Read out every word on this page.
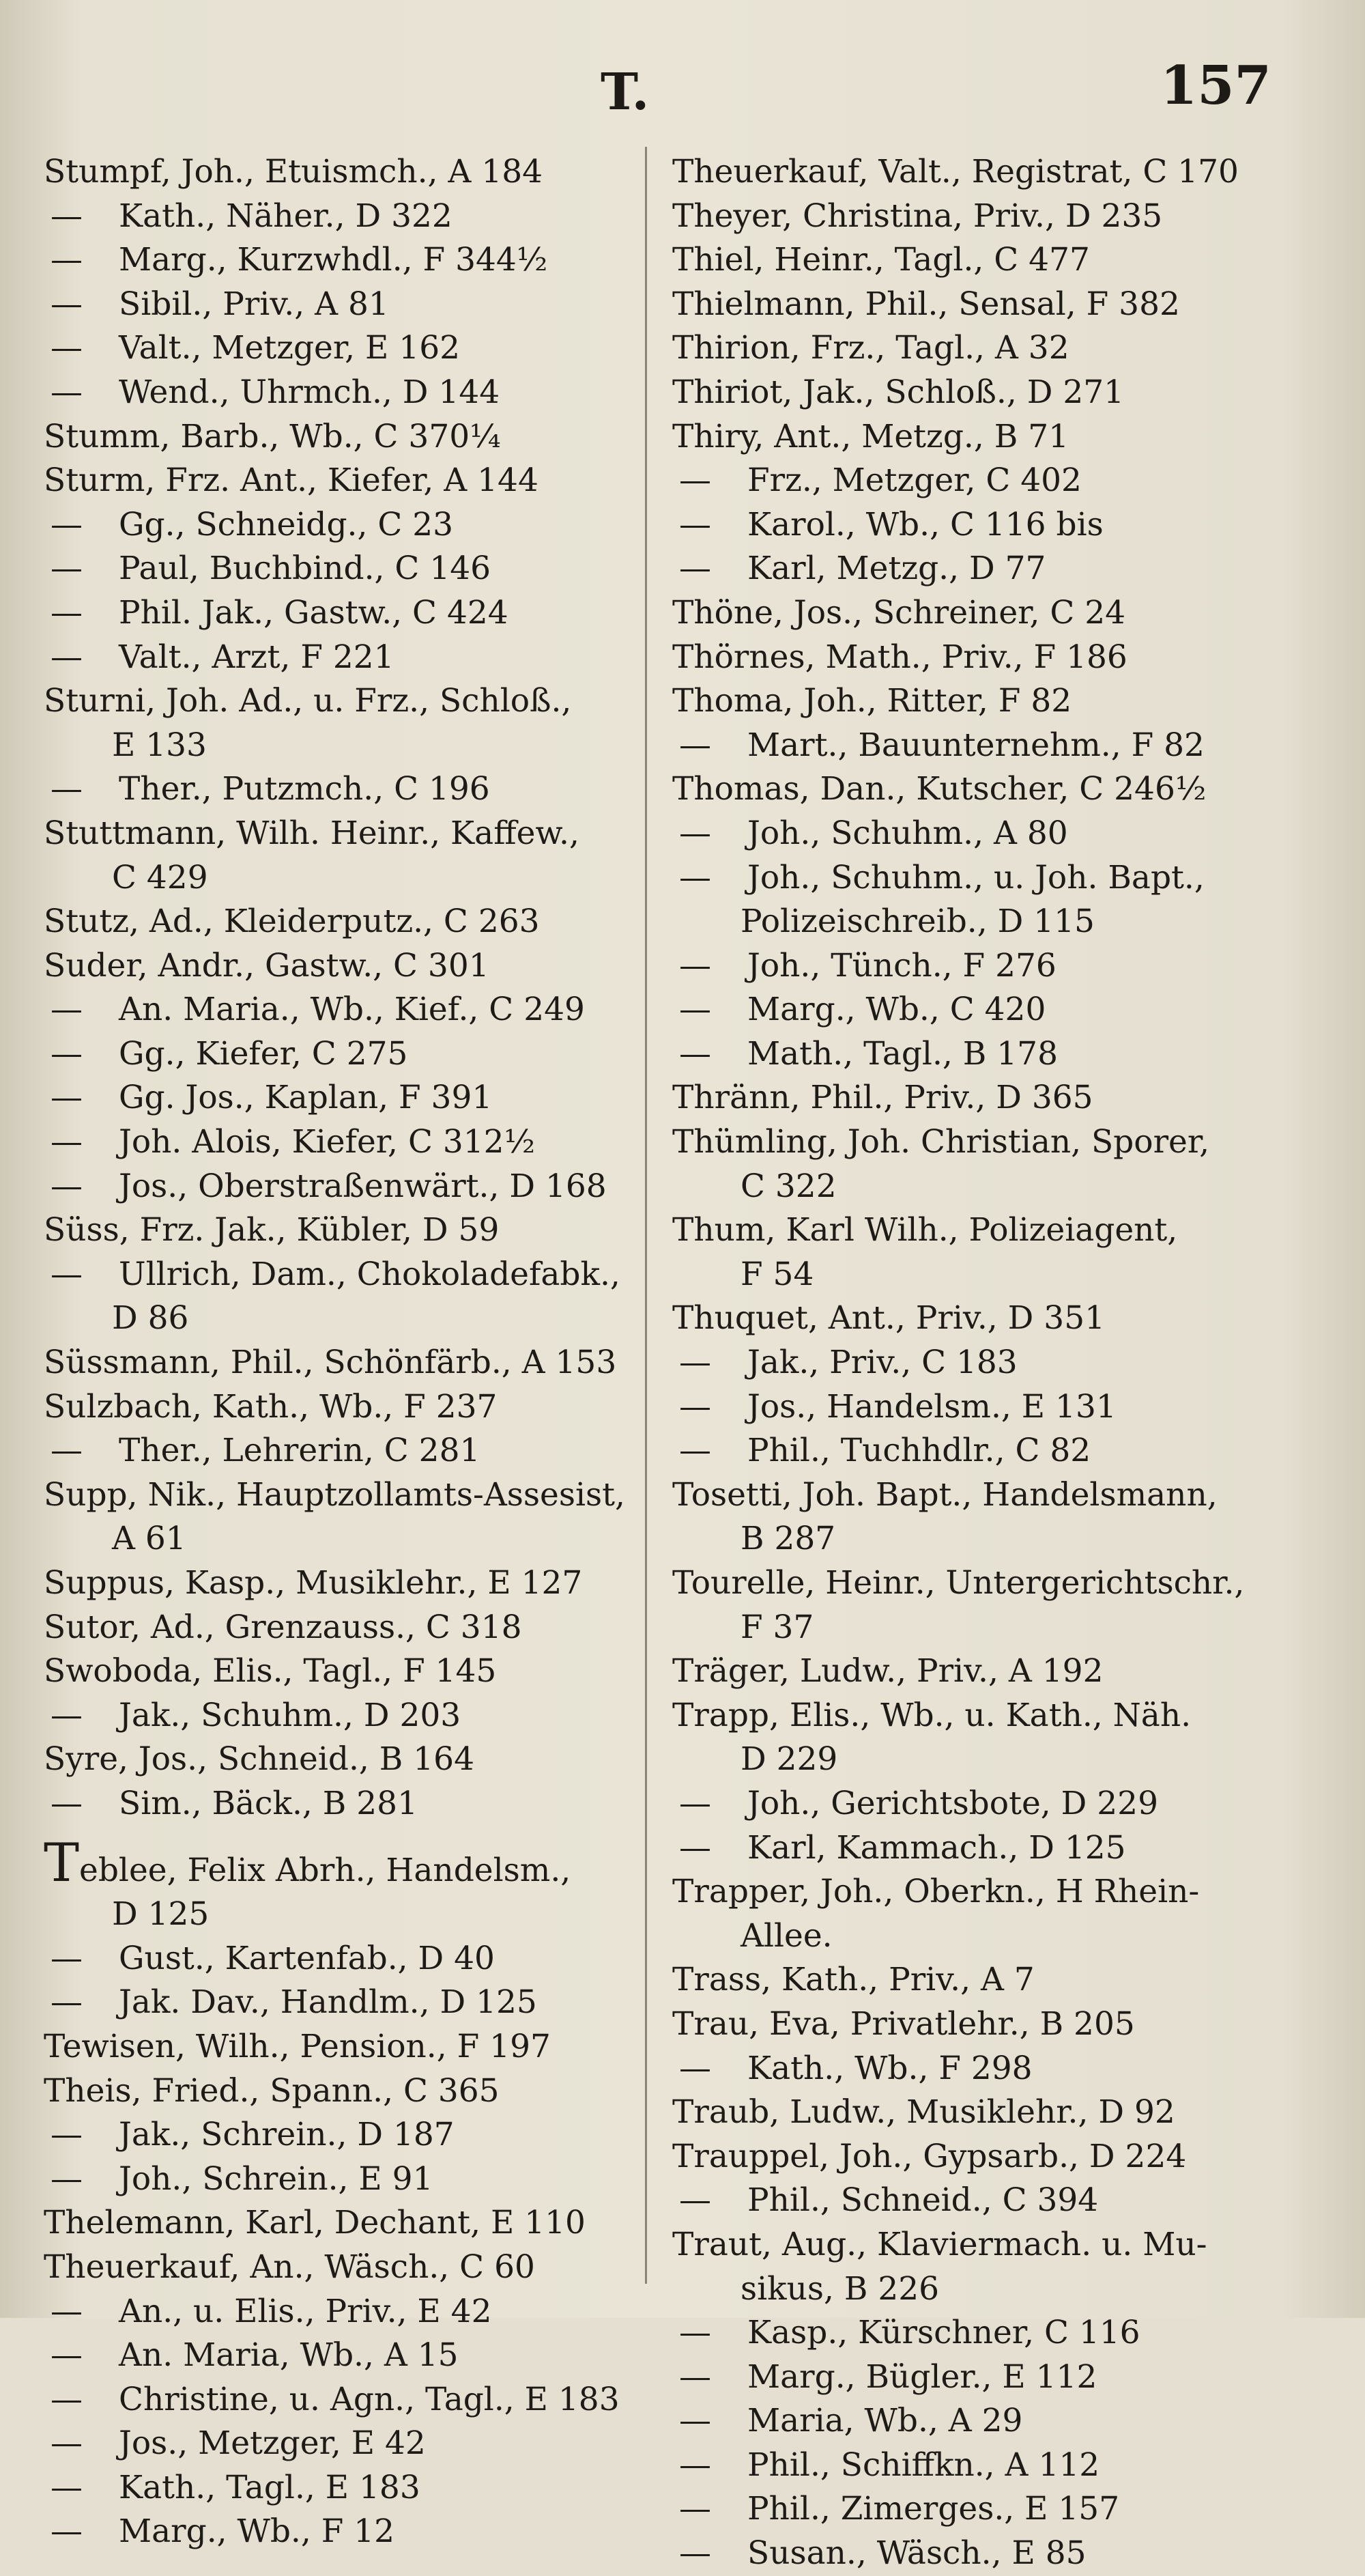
T.	157
Stumpf, Joh., Etuismch., A 184
— Kath., Näher., D 322
— Marg., Kurzwhdl., F 344½
— Sibil., Priv., A 81
— Valt., Metzger, E 162
— Wend., Uhrmch., D 144
Stumm, Barb., Wb., C 370¼
Sturm, Frz. Ant., Kiefer, A 144
— Gg., Schneidg., C 23
— Paul, Buchbind., C 146
— Phil. Jak., Gastw., C 424
— Valt., Arzt, F 221
Sturni, Joh. Ad., u. Frz., Schloß.,
E 133
— Ther., Putzmch., C 196
Stuttmann, Wilh. Heinr., Kaffew.,
C 429
Stutz, Ad., Kleiderputz., C 263
Suder, Andr., Gastw., C 301
— An. Maria., Wb., Kief., C 249
— Gg., Kiefer, C 275
— Gg. Jos., Kaplan, F 391
— Joh. Alois, Kiefer, C 312½
— Jos., Oberstraßenwärt., D 168
Süss, Frz. Jak., Kübler, D 59
— Ullrich, Dam., Chokoladefabk.,
D 86
Süssmann, Phil., Schönfärb., A 153
Sulzbach, Kath., Wb., F 237
— Ther., Lehrerin, C 281
Supp, Nik., Hauptzollamts-Assesist,
A 61
Suppus, Kasp., Musiklehr., E 127
Sutor, Ad., Grenzauss., C 318
Swoboda, Elis., Tagl., F 145
— Jak., Schuhm., D 203
Syre, Jos., Schneid., B 164
— Sim., Bäck., B 281
Teblee, Felix Abrh., Handelsm.,
D 125
— Gust., Kartenfab., D 40
— Jak. Dav., Handlm., D 125
Tewisen, Wilh., Pension., F 197
Theis, Fried., Spann., C 365
— Jak., Schrein., D 187
— Joh., Schrein., E 91
Thelemann, Karl, Dechant, E 110
Theuerkauf, An., Wäsch., C 60
— An., u. Elis., Priv., E 42
— An. Maria, Wb., A 15
— Christine, u. Agn., Tagl., E 183
— Jos., Metzger, E 42
— Kath., Tagl., E 183
— Marg., Wb., F 12
Theuerkauf, Valt., Registrat, C 170
Theyer, Christina, Priv., D 235
Thiel, Heinr., Tagl., C 477
Thielmann, Phil., Sensal, F 382
Thirion, Frz., Tagl., A 32
Thiriot, Jak., Schloß., D 271
Thiry, Ant., Metzg., B 71
— Frz., Metzger, C 402
— Karol., Wb., C 116 bis
— Karl, Metzg., D 77
Thöne, Jos., Schreiner, C 24
Thörnes, Math., Priv., F 186
Thoma, Joh., Ritter, F 82
— Mart., Bauunternehm., F 82
Thomas, Dan., Kutscher, C 246½
— Joh., Schuhm., A 80
— Joh., Schuhm., u. Joh. Bapt.,
Polizeischreib., D 115
— Joh., Tünch., F 276
— Marg., Wb., C 420
— Math., Tagl., B 178
Thränn, Phil., Priv., D 365
Thümling, Joh. Christian, Sporer,
C 322
Thum, Karl Wilh., Polizeiagent,
F 54
Thuquet, Ant., Priv., D 351
— Jak., Priv., C 183
— Jos., Handelsm., E 131
— Phil., Tuchhdlr., C 82
Tosetti, Joh. Bapt., Handelsmann,
B 287
Tourelle, Heinr., Untergerichtschr.,
F 37
Träger, Ludw., Priv., A 192
Trapp, Elis., Wb., u. Kath., Näh.
D 229
— Joh., Gerichtsbote, D 229
— Karl, Kammach., D 125
Trapper, Joh., Oberkn., H Rhein-
Allee.
Trass, Kath., Priv., A 7
Trau, Eva, Privatlehr., B 205
— Kath., Wb., F 298
Traub, Ludw., Musiklehr., D 92
Trauppel, Joh., Gypsarb., D 224
— Phil., Schneid., C 394
Traut, Aug., Klaviermach. u. Mu-
sikus, B 226
— Kasp., Kürschner, C 116
— Marg., Bügler., E 112
— Maria, Wb., A 29
— Phil., Schiffkn., A 112
— Phil., Zimerges., E 157
— Susan., Wäsch., E 85
